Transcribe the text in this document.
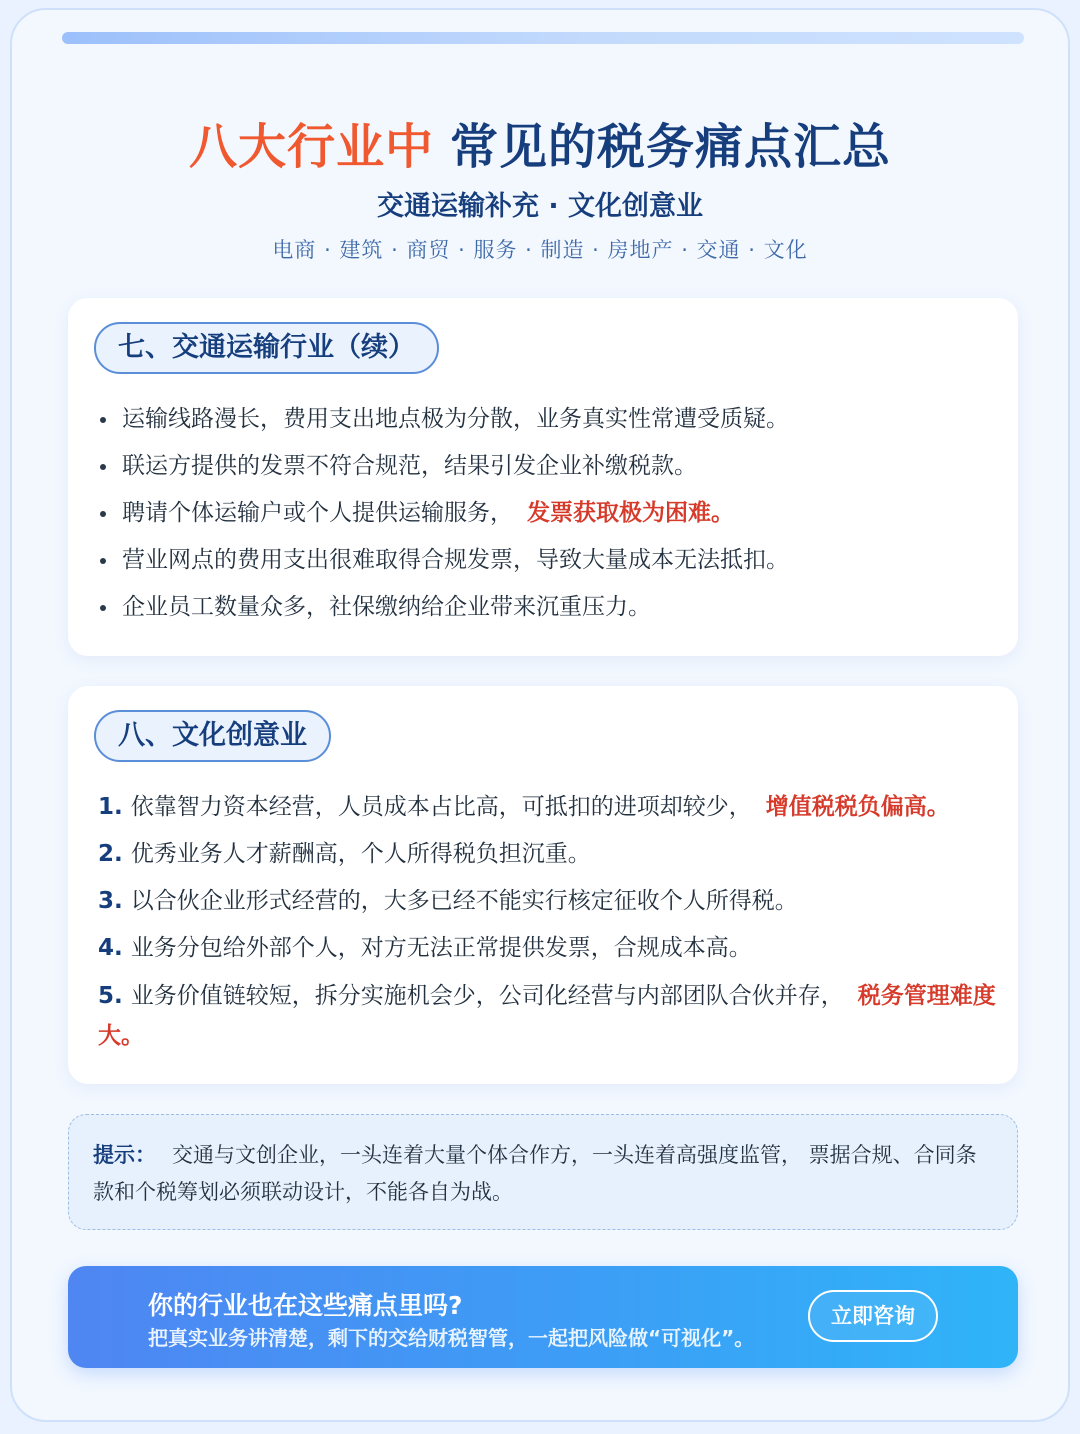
八大行业中 常见的税务痛点汇总
交通运输补充 · 文化创意业
电商 · 建筑 · 商贸 · 服务 · 制造 · 房地产 · 交通 · 文化
七、交通运输行业（续）
运输线路漫长，费用支出地点极为分散，业务真实性常遭受质疑。
联运方提供的发票不符合规范，结果引发企业补缴税款。
聘请个体运输户或个人提供运输服务， 发票获取极为困难。
营业网点的费用支出很难取得合规发票，导致大量成本无法抵扣。
企业员工数量众多，社保缴纳给企业带来沉重压力。
八、文化创意业
1. 依靠智力资本经营，人员成本占比高，可抵扣的进项却较少， 增值税税负偏高。
2. 优秀业务人才薪酬高，个人所得税负担沉重。
3. 以合伙企业形式经营的，大多已经不能实行核定征收个人所得税。
4. 业务分包给外部个人，对方无法正常提供发票，合规成本高。
5. 业务价值链较短，拆分实施机会少，公司化经营与内部团队合伙并存， 税务管理难度大。
提示： 交通与文创企业，一头连着大量个体合作方，一头连着高强度监管， 票据合规、合同条款和个税筹划必须联动设计，不能各自为战。
你的行业也在这些痛点里吗?
把真实业务讲清楚，剩下的交给财税智管，一起把风险做“可视化”。
立即咨询
